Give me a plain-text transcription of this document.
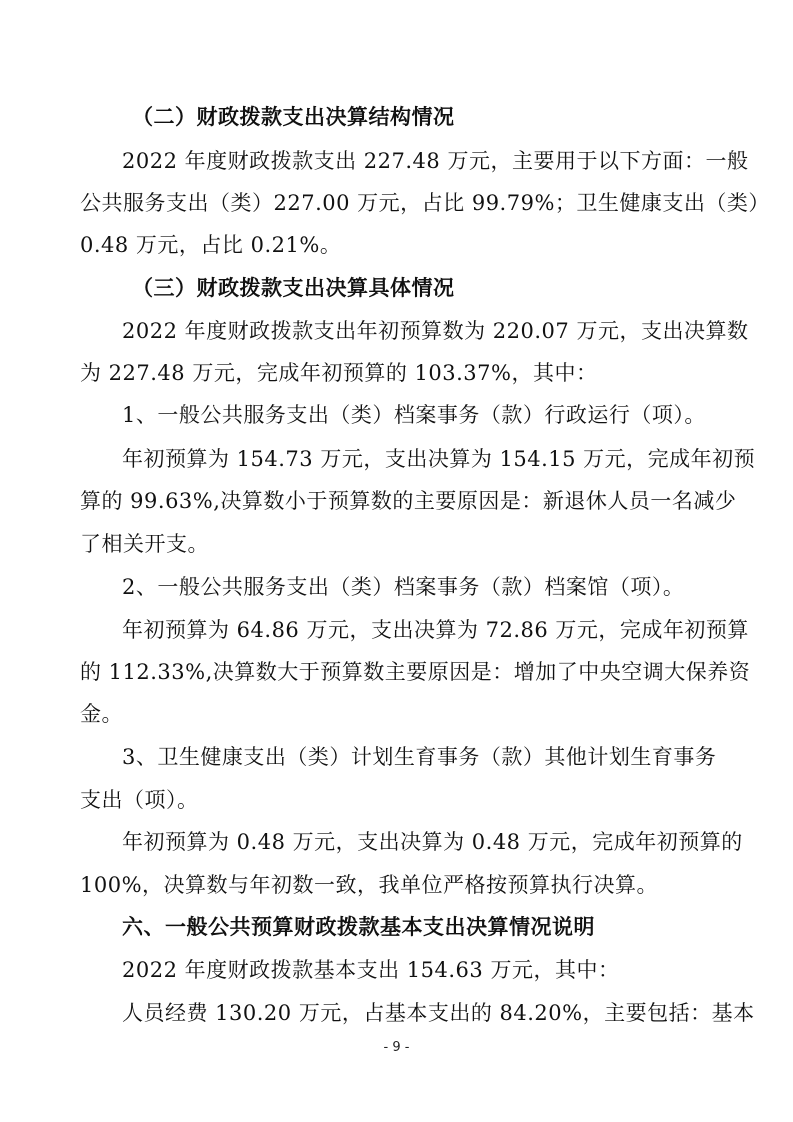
（二）财政拨款支出决算结构情况
2022 年度财政拨款支出 227.48 万元，主要用于以下方面：一般
公共服务支出（类）227.00 万元，占比 99.79%；卫生健康支出（类）
0.48 万元，占比 0.21%。
（三）财政拨款支出决算具体情况
2022 年度财政拨款支出年初预算数为 220.07 万元，支出决算数
为 227.48 万元，完成年初预算的 103.37%，其中：
1、一般公共服务支出（类）档案事务（款）行政运行（项）。
年初预算为 154.73 万元，支出决算为 154.15 万元，完成年初预
算的 99.63%,决算数小于预算数的主要原因是：新退休人员一名减少
了相关开支。
2、一般公共服务支出（类）档案事务（款）档案馆（项）。
年初预算为 64.86 万元，支出决算为 72.86 万元，完成年初预算
的 112.33%,决算数大于预算数主要原因是：增加了中央空调大保养资
金。
3、卫生健康支出（类）计划生育事务（款）其他计划生育事务
支出（项）。
年初预算为 0.48 万元，支出决算为 0.48 万元，完成年初预算的
100%，决算数与年初数一致，我单位严格按预算执行决算。
六、一般公共预算财政拨款基本支出决算情况说明
2022 年度财政拨款基本支出 154.63 万元，其中：
人员经费 130.20 万元，占基本支出的 84.20%，主要包括：基本
- 9 -
